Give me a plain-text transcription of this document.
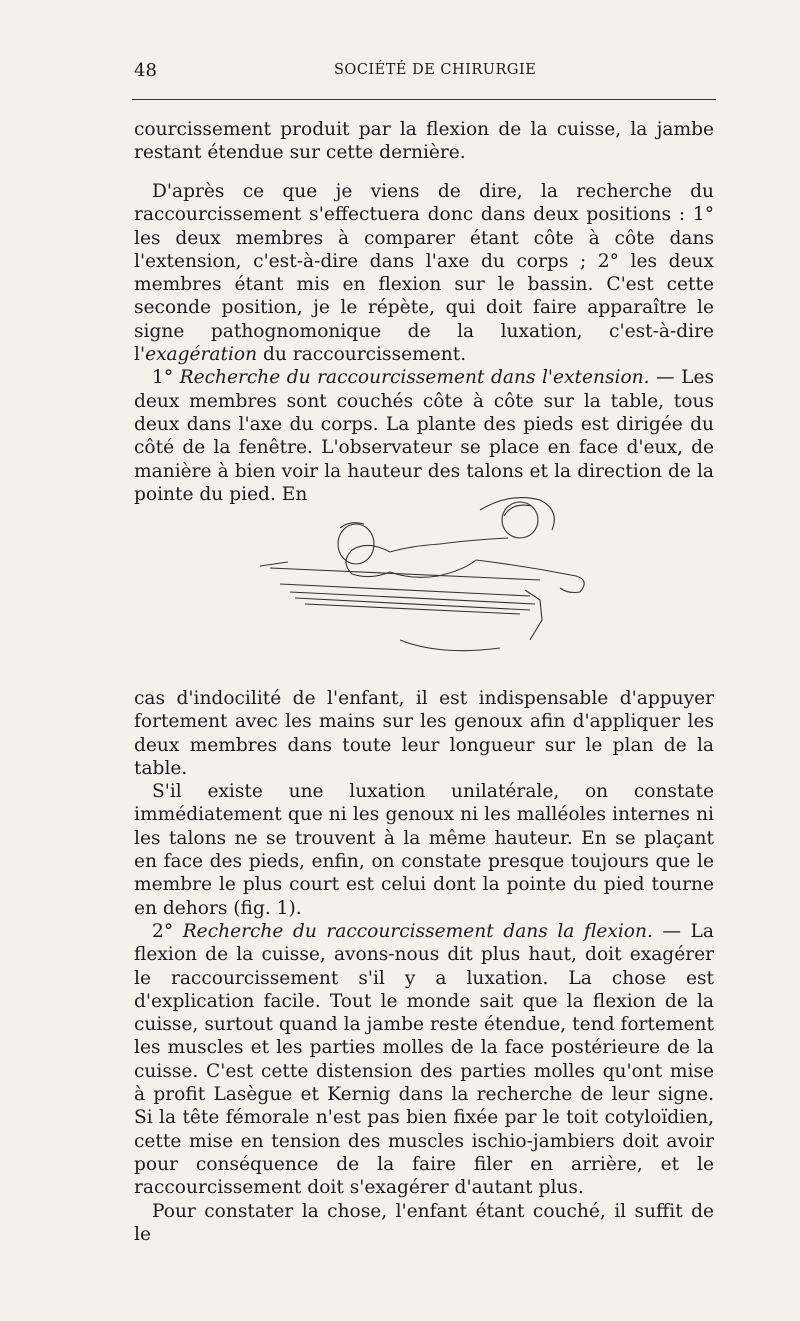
48	SOCIÉTÉ DE CHIRURGIE

courcissement produit par la flexion de la cuisse, la jambe restant étendue sur cette dernière.

D'après ce que je viens de dire, la recherche du raccourcissement s'effectuera donc dans deux positions : 1° les deux membres à comparer étant côte à côte dans l'extension, c'est-à-dire dans l'axe du corps ; 2° les deux membres étant mis en flexion sur le bassin. C'est cette seconde position, je le répète, qui doit faire apparaître le signe pathognomonique de la luxation, c'est-à-dire l'exagération du raccourcissement.

1° Recherche du raccourcissement dans l'extension. — Les deux membres sont couchés côte à côte sur la table, tous deux dans l'axe du corps. La plante des pieds est dirigée du côté de la fenêtre. L'observateur se place en face d'eux, de manière à bien voir la hauteur des talons et la direction de la pointe du pied. En

cas d'indocilité de l'enfant, il est indispensable d'appuyer fortement avec les mains sur les genoux afin d'appliquer les deux membres dans toute leur longueur sur le plan de la table.

S'il existe une luxation unilatérale, on constate immédiatement que ni les genoux ni les malléoles internes ni les talons ne se trouvent à la même hauteur. En se plaçant en face des pieds, enfin, on constate presque toujours que le membre le plus court est celui dont la pointe du pied tourne en dehors (fig. 1).

2° Recherche du raccourcissement dans la flexion. — La flexion de la cuisse, avons-nous dit plus haut, doit exagérer le raccourcissement s'il y a luxation. La chose est d'explication facile. Tout le monde sait que la flexion de la cuisse, surtout quand la jambe reste étendue, tend fortement les muscles et les parties molles de la face postérieure de la cuisse. C'est cette distension des parties molles qu'ont mise à profit Lasègue et Kernig dans la recherche de leur signe. Si la tête fémorale n'est pas bien fixée par le toit cotyloïdien, cette mise en tension des muscles ischio-jambiers doit avoir pour conséquence de la faire filer en arrière, et le raccourcissement doit s'exagérer d'autant plus.

Pour constater la chose, l'enfant étant couché, il suffit de le
